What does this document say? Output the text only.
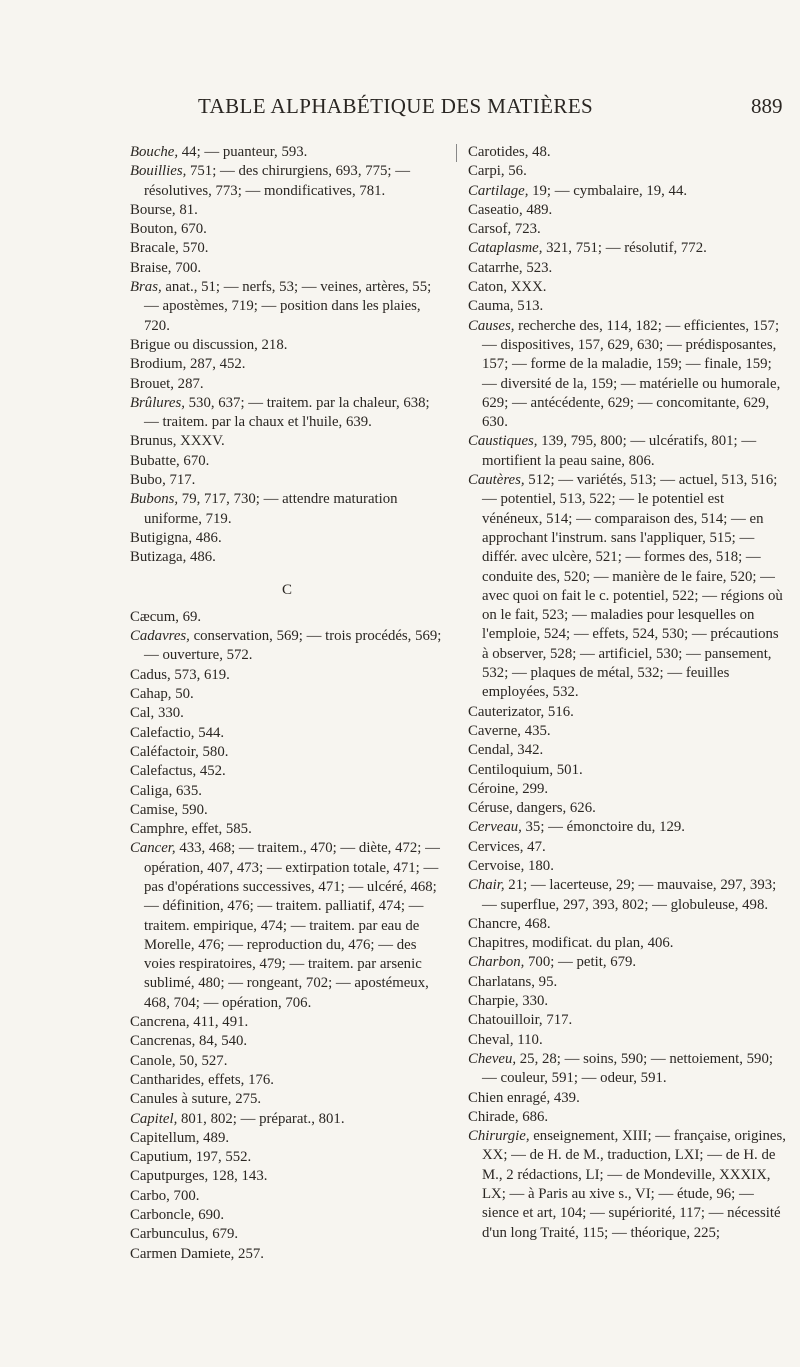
TABLE ALPHABÉTIQUE DES MATIÈRES	889

Bouche, 44; — puanteur, 593.

Bouillies, 751; — des chirurgiens, 693, 775; — résolutives, 773; — mondificatives, 781.

Bourse, 81.

Bouton, 670.

Bracale, 570.

Braise, 700.

Bras, anat., 51; — nerfs, 53; — veines, artères, 55; — apostèmes, 719; — position dans les plaies, 720.

Brigue ou discussion, 218.

Brodium, 287, 452.

Brouet, 287.

Brûlures, 530, 637; — traitem. par la chaleur, 638; — traitem. par la chaux et l'huile, 639.

Brunus, XXXV.

Bubatte, 670.

Bubo, 717.

Bubons, 79, 717, 730; — attendre maturation uniforme, 719.

Butigigna, 486.

Butizaga, 486.

C

Cæcum, 69.

Cadavres, conservation, 569; — trois procédés, 569; — ouverture, 572.

Cadus, 573, 619.

Cahap, 50.

Cal, 330.

Calefactio, 544.

Caléfactoir, 580.

Calefactus, 452.

Caliga, 635.

Camise, 590.

Camphre, effet, 585.

Cancer, 433, 468; — traitem., 470; — diète, 472; — opération, 407, 473; — extirpation totale, 471; — pas d'opérations successives, 471; — ulcéré, 468; — définition, 476; — traitem. palliatif, 474; — traitem. empirique, 474; — traitem. par eau de Morelle, 476; — reproduction du, 476; — des voies respiratoires, 479; — traitem. par arsenic sublimé, 480; — rongeant, 702; — apostémeux, 468, 704; — opération, 706.

Cancrena, 411, 491.

Cancrenas, 84, 540.

Canole, 50, 527.

Cantharides, effets, 176.

Canules à suture, 275.

Capitel, 801, 802; — préparat., 801.

Capitellum, 489.

Caputium, 197, 552.

Caputpurges, 128, 143.

Carbo, 700.

Carboncle, 690.

Carbunculus, 679.

Carmen Damiete, 257.

Carotides, 48.

Carpi, 56.

Cartilage, 19; — cymbalaire, 19, 44.

Caseatio, 489.

Carsof, 723.

Cataplasme, 321, 751; — résolutif, 772.

Catarrhe, 523.

Caton, XXX.

Cauma, 513.

Causes, recherche des, 114, 182; — efficientes, 157; — dispositives, 157, 629, 630; — prédisposantes, 157; — forme de la maladie, 159; — finale, 159; — diversité de la, 159; — matérielle ou humorale, 629; — antécédente, 629; — concomitante, 629, 630.

Caustiques, 139, 795, 800; — ulcératifs, 801; — mortifient la peau saine, 806.

Cautères, 512; — variétés, 513; — actuel, 513, 516; — potentiel, 513, 522; — le potentiel est vénéneux, 514; — comparaison des, 514; — en approchant l'instrum. sans l'appliquer, 515; — différ. avec ulcère, 521; — formes des, 518; — conduite des, 520; — manière de le faire, 520; — avec quoi on fait le c. potentiel, 522; — régions où on le fait, 523; — maladies pour lesquelles on l'emploie, 524; — effets, 524, 530; — précautions à observer, 528; — artificiel, 530; — pansement, 532; — plaques de métal, 532; — feuilles employées, 532.

Cauterizator, 516.

Caverne, 435.

Cendal, 342.

Centiloquium, 501.

Céroine, 299.

Céruse, dangers, 626.

Cerveau, 35; — émonctoire du, 129.

Cervices, 47.

Cervoise, 180.

Chair, 21; — lacerteuse, 29; — mauvaise, 297, 393; — superflue, 297, 393, 802; — globuleuse, 498.

Chancre, 468.

Chapitres, modificat. du plan, 406.

Charbon, 700; — petit, 679.

Charlatans, 95.

Charpie, 330.

Chatouilloir, 717.

Cheval, 110.

Cheveu, 25, 28; — soins, 590; — nettoiement, 590; — couleur, 591; — odeur, 591.

Chien enragé, 439.

Chirade, 686.

Chirurgie, enseignement, XIII; — française, origines, XX; — de H. de M., traduction, LXI; — de H. de M., 2 rédactions, LI; — de Mondeville, XXXIX, LX; — à Paris au xive s., VI; — étude, 96; — sience et art, 104; — supériorité, 117; — nécessité d'un long Traité, 115; — théorique, 225;
